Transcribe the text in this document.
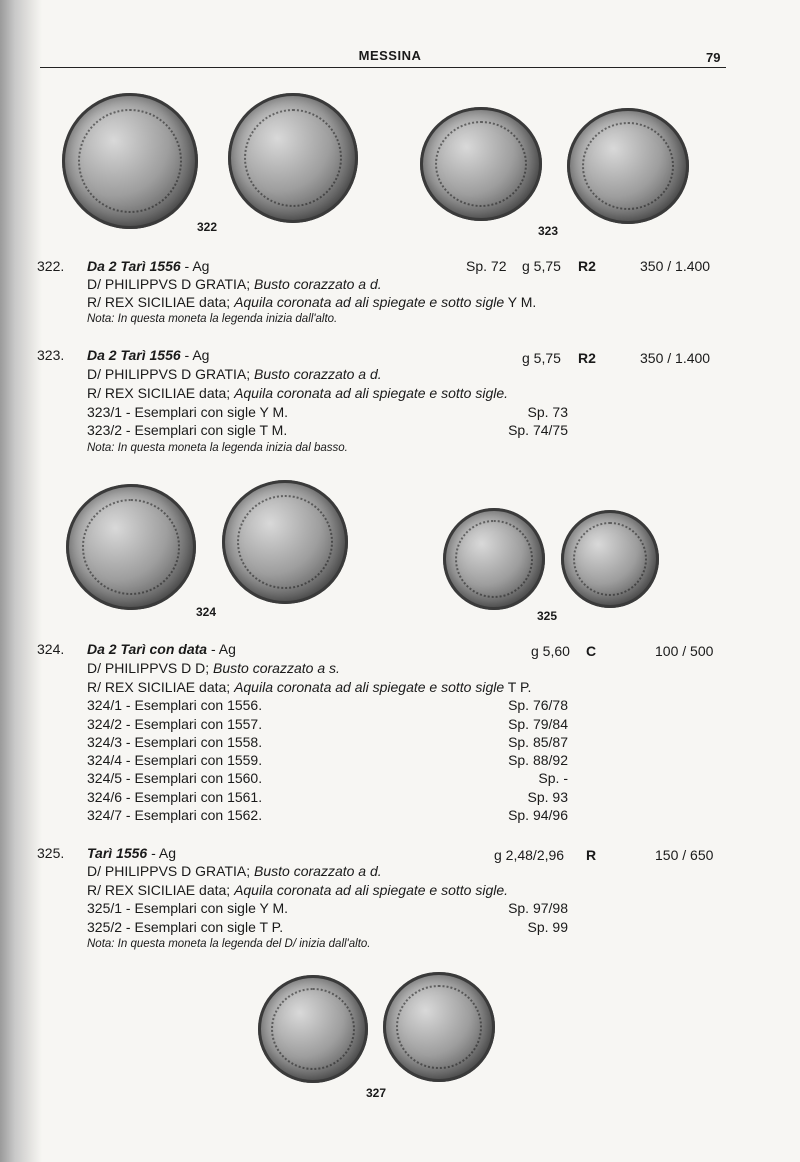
MESSINA	79
322	323
322. Da 2 Tarì 1556 - Ag	Sp. 72 g 5,75 R2	350 / 1.400
D/ PHILIPPVS D GRATIA; Busto corazzato a d.
R/ REX SICILIAE data; Aquila coronata ad ali spiegate e sotto sigle Y M.
Nota: In questa moneta la legenda inizia dall'alto.
323. Da 2 Tarì 1556 - Ag	g 5,75 R2	350 / 1.400
D/ PHILIPPVS D GRATIA; Busto corazzato a d.
R/ REX SICILIAE data; Aquila coronata ad ali spiegate e sotto sigle.
323/1 - Esemplari con sigle Y M.	Sp. 73
323/2 - Esemplari con sigle T M.	Sp. 74/75
Nota: In questa moneta la legenda inizia dal basso.
324	325
324. Da 2 Tarì con data - Ag	g 5,60 C	100 / 500
D/ PHILIPPVS D D; Busto corazzato a s.
R/ REX SICILIAE data; Aquila coronata ad ali spiegate e sotto sigle T P.
324/1 - Esemplari con 1556.	Sp. 76/78
324/2 - Esemplari con 1557.	Sp. 79/84
324/3 - Esemplari con 1558.	Sp. 85/87
324/4 - Esemplari con 1559.	Sp. 88/92
324/5 - Esemplari con 1560.	Sp. -
324/6 - Esemplari con 1561.	Sp. 93
324/7 - Esemplari con 1562.	Sp. 94/96
325. Tarì 1556 - Ag	g 2,48/2,96 R	150 / 650
D/ PHILIPPVS D GRATIA; Busto corazzato a d.
R/ REX SICILIAE data; Aquila coronata ad ali spiegate e sotto sigle.
325/1 - Esemplari con sigle Y M.	Sp. 97/98
325/2 - Esemplari con sigle T P.	Sp. 99
Nota: In questa moneta la legenda del D/ inizia dall'alto.
327
